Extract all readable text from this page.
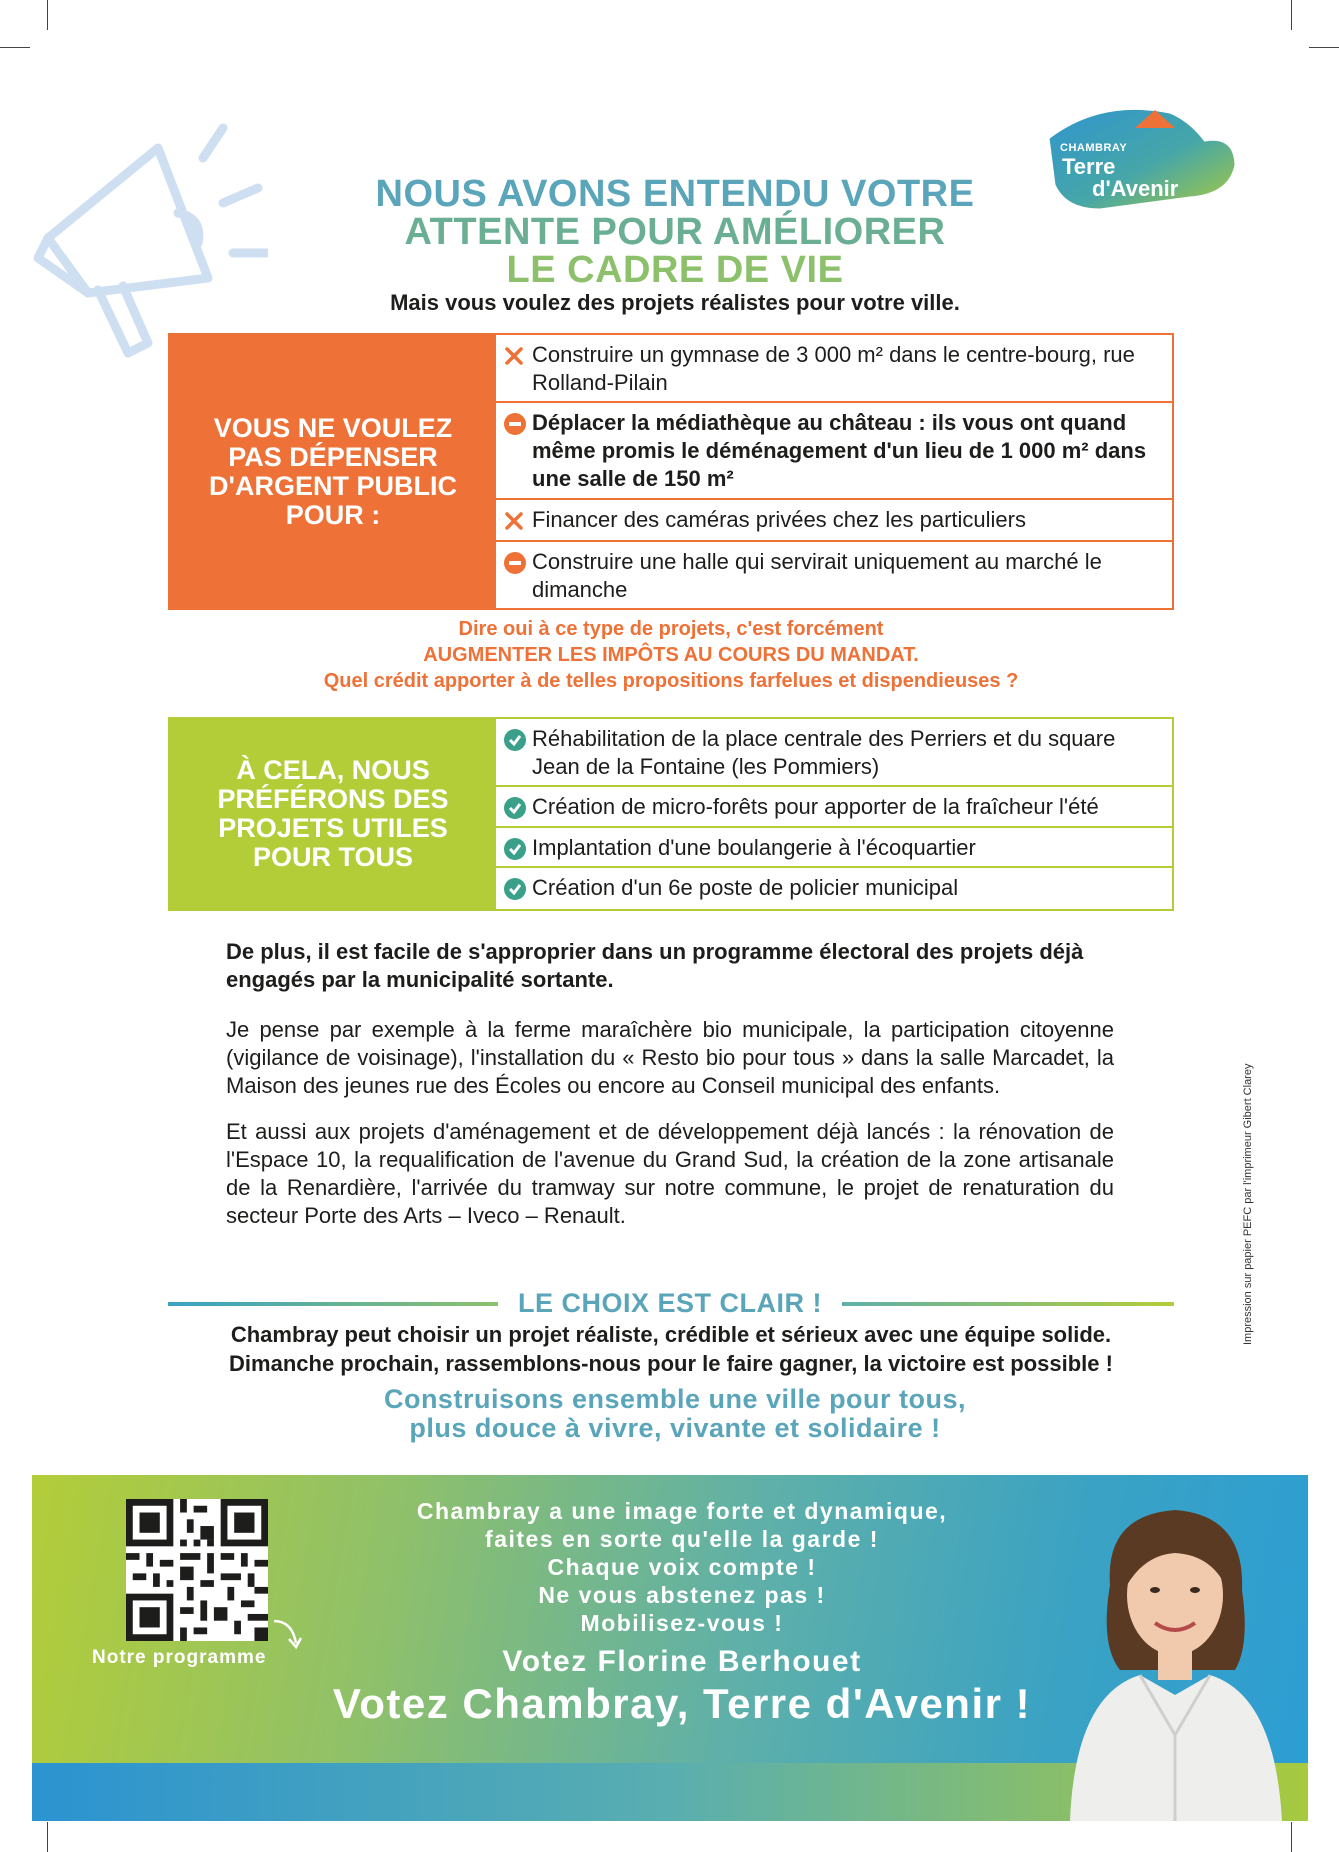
CHAMBRAY
Terre
d'Avenir
NOUS AVONS ENTENDU VOTRE
ATTENTE POUR AMÉLIORER
LE CADRE DE VIE
Mais vous voulez des projets réalistes pour votre ville.
VOUS NE VOULEZ PAS DÉPENSER D'ARGENT PUBLIC POUR :
Construire un gymnase de 3 000 m² dans le centre-bourg, rue Rolland-Pilain
Déplacer la médiathèque au château : ils vous ont quand même promis le déménagement d'un lieu de 1 000 m² dans une salle de 150 m²
Financer des caméras privées chez les particuliers
Construire une halle qui servirait uniquement au marché le dimanche
Dire oui à ce type de projets, c'est forcément
AUGMENTER LES IMPÔTS AU COURS DU MANDAT.
Quel crédit apporter à de telles propositions farfelues et dispendieuses ?
À CELA, NOUS PRÉFÉRONS DES PROJETS UTILES POUR TOUS
Réhabilitation de la place centrale des Perriers et du square Jean de la Fontaine (les Pommiers)
Création de micro-forêts pour apporter de la fraîcheur l'été
Implantation d'une boulangerie à l'écoquartier
Création d'un 6e poste de policier municipal

De plus, il est facile de s'approprier dans un programme électoral des projets déjà engagés par la municipalité sortante.

Je pense par exemple à la ferme maraîchère bio municipale, la participation citoyenne (vigilance de voisinage), l'installation du « Resto bio pour tous » dans la salle Marcadet, la Maison des jeunes rue des Écoles ou encore au Conseil municipal des enfants.

Et aussi aux projets d'aménagement et de développement déjà lancés : la rénovation de l'Espace 10, la requalification de l'avenue du Grand Sud, la création de la zone artisanale de la Renardière, l'arrivée du tramway sur notre commune, le projet de renaturation du secteur Porte des Arts – Iveco – Renault.

LE CHOIX EST CLAIR !
Chambray peut choisir un projet réaliste, crédible et sérieux avec une équipe solide.
Dimanche prochain, rassemblons-nous pour le faire gagner, la victoire est possible !
Construisons ensemble une ville pour tous,
plus douce à vivre, vivante et solidaire !
Notre programme
Chambray a une image forte et dynamique,
faites en sorte qu'elle la garde !
Chaque voix compte !
Ne vous abstenez pas !
Mobilisez-vous !
Votez Florine Berhouet
Votez Chambray, Terre d'Avenir !
Impression sur papier PEFC par l'imprimeur Gibert Clarey
